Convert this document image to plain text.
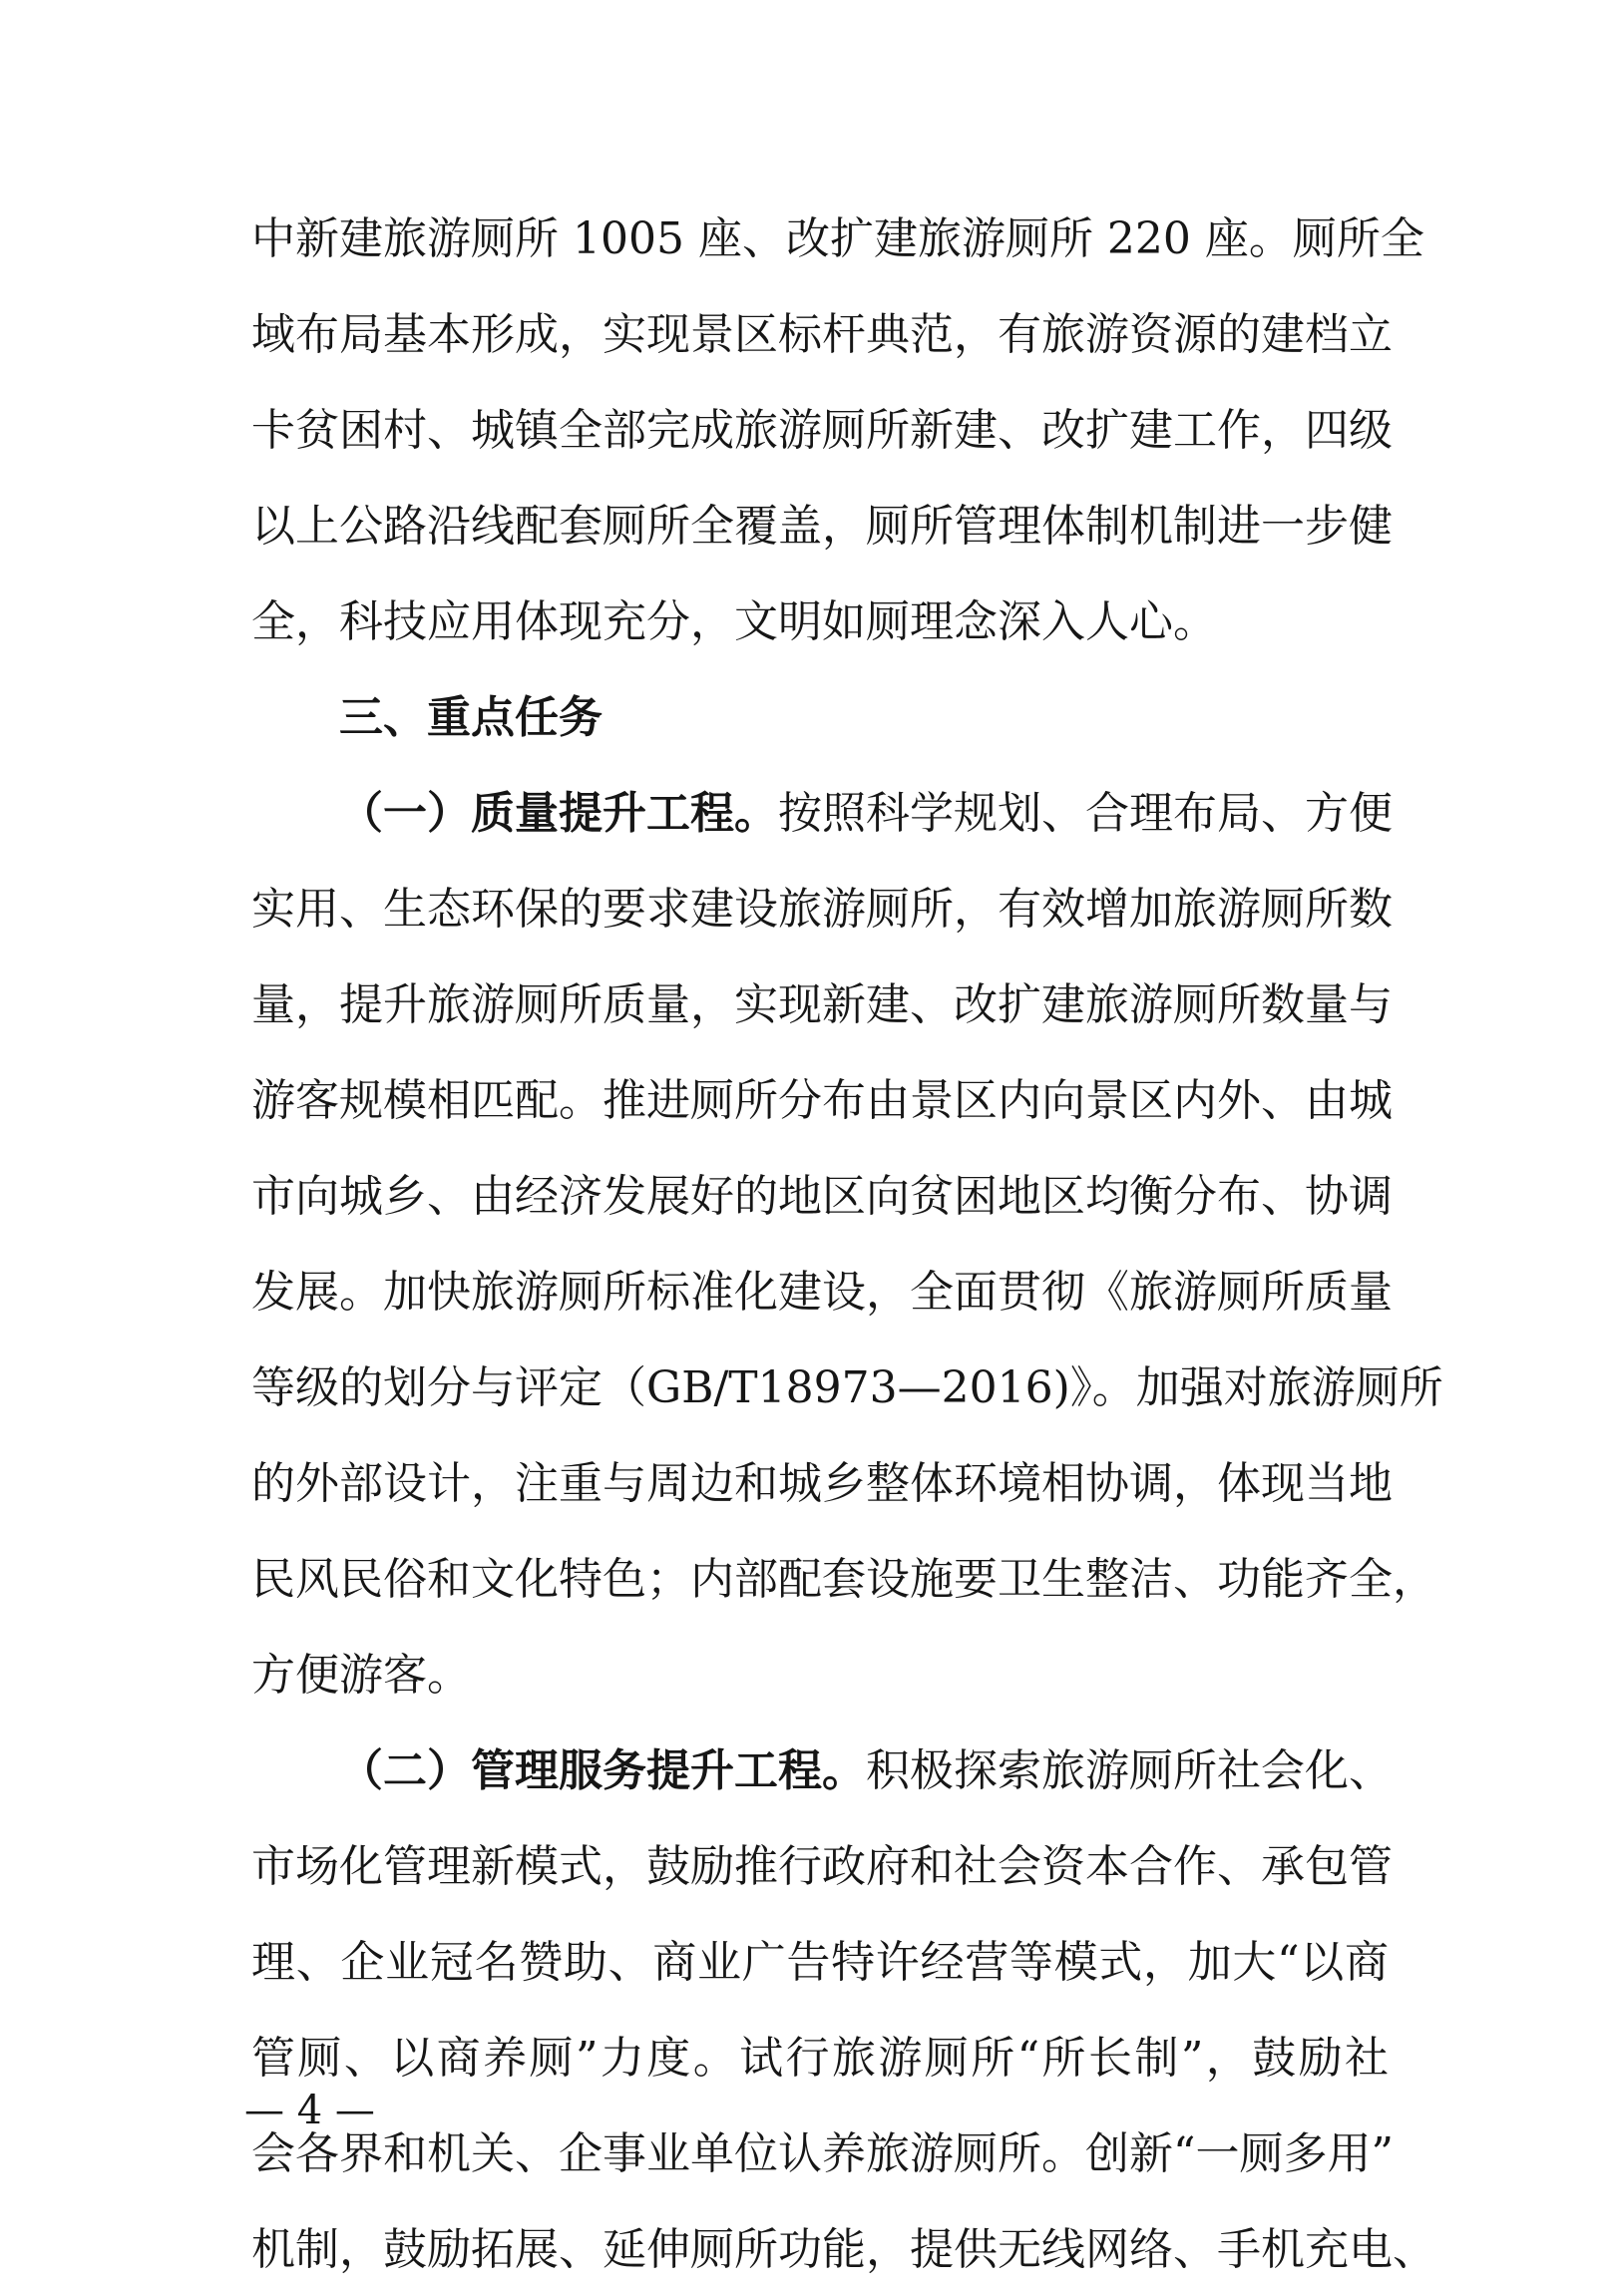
中新建旅游厕所 1005 座、改扩建旅游厕所 220 座。厕所全
域布局基本形成，实现景区标杆典范，有旅游资源的建档立
卡贫困村、城镇全部完成旅游厕所新建、改扩建工作，四级
以上公路沿线配套厕所全覆盖，厕所管理体制机制进一步健
全，科技应用体现充分，文明如厕理念深入人心。
三、重点任务
（一）质量提升工程。按照科学规划、合理布局、方便
实用、生态环保的要求建设旅游厕所，有效增加旅游厕所数
量，提升旅游厕所质量，实现新建、改扩建旅游厕所数量与
游客规模相匹配。推进厕所分布由景区内向景区内外、由城
市向城乡、由经济发展好的地区向贫困地区均衡分布、协调
发展。加快旅游厕所标准化建设，全面贯彻《旅游厕所质量
等级的划分与评定（GB/T18973—2016)》。加强对旅游厕所
的外部设计，注重与周边和城乡整体环境相协调，体现当地
民风民俗和文化特色；内部配套设施要卫生整洁、功能齐全，
方便游客。
（二）管理服务提升工程。积极探索旅游厕所社会化、
市场化管理新模式，鼓励推行政府和社会资本合作、承包管
理、企业冠名赞助、商业广告特许经营等模式，加大“以商
管厕、以商养厕”力度。试行旅游厕所“所长制”，鼓励社
会各界和机关、企事业单位认养旅游厕所。创新“一厕多用”
机制，鼓励拓展、延伸厕所功能，提供无线网络、手机充电、
— 4 —
